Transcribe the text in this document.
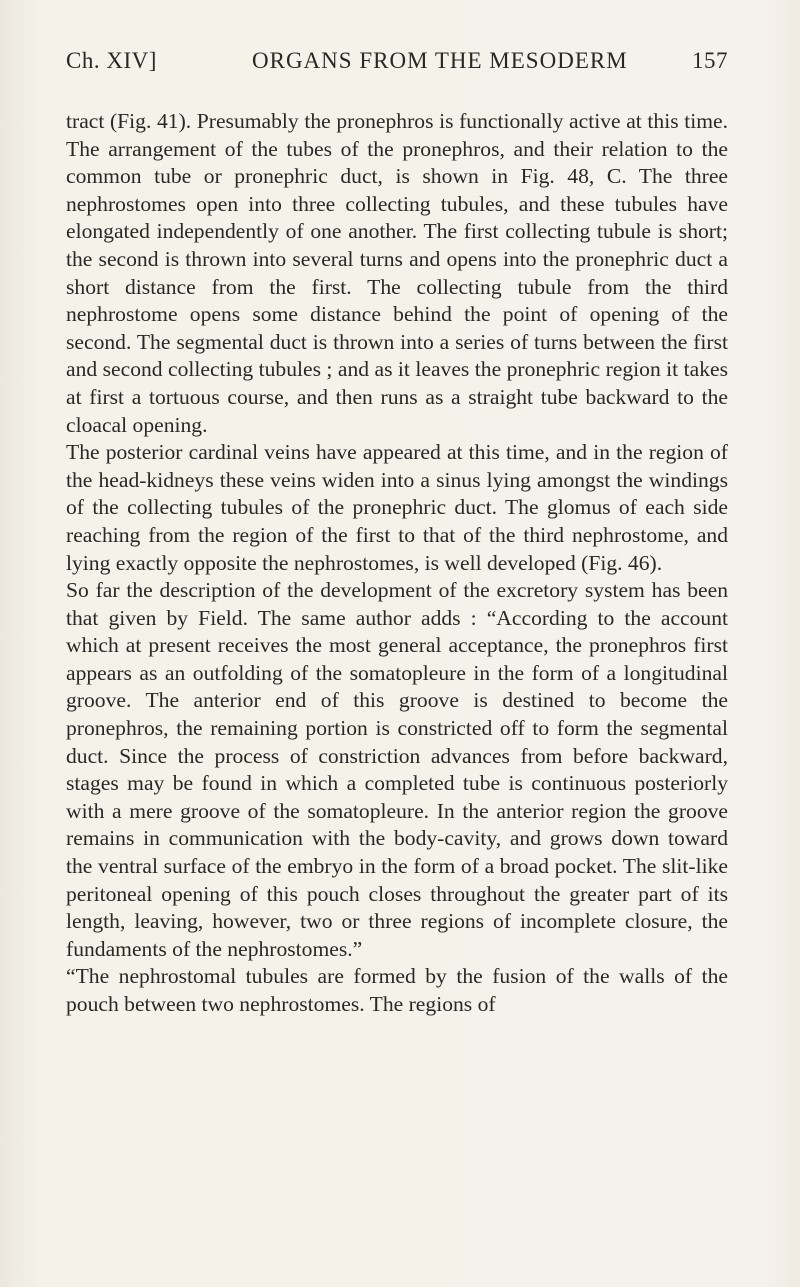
Ch. XIV]	ORGANS FROM THE MESODERM	157

tract (Fig. 41). Presumably the pronephros is functionally active at this time. The arrangement of the tubes of the pronephros, and their relation to the common tube or pronephric duct, is shown in Fig. 48, C. The three nephrostomes open into three collecting tubules, and these tubules have elongated independently of one another. The first collecting tubule is short; the second is thrown into several turns and opens into the pronephric duct a short distance from the first. The collecting tubule from the third nephrostome opens some distance behind the point of opening of the second. The segmental duct is thrown into a series of turns between the first and second collecting tubules ; and as it leaves the pronephric region it takes at first a tortuous course, and then runs as a straight tube backward to the cloacal opening.

The posterior cardinal veins have appeared at this time, and in the region of the head-kidneys these veins widen into a sinus lying amongst the windings of the collecting tubules of the pronephric duct. The glomus of each side reaching from the region of the first to that of the third nephrostome, and lying exactly opposite the nephrostomes, is well developed (Fig. 46).

So far the description of the development of the excretory system has been that given by Field. The same author adds : “According to the account which at present receives the most general acceptance, the pronephros first appears as an outfolding of the somatopleure in the form of a longitudinal groove. The anterior end of this groove is destined to become the pronephros, the remaining portion is constricted off to form the segmental duct. Since the process of constriction advances from before backward, stages may be found in which a completed tube is continuous posteriorly with a mere groove of the somatopleure. In the anterior region the groove remains in communication with the body-cavity, and grows down toward the ventral surface of the embryo in the form of a broad pocket. The slit-like peritoneal opening of this pouch closes throughout the greater part of its length, leaving, however, two or three regions of incomplete closure, the fundaments of the nephrostomes.”

“The nephrostomal tubules are formed by the fusion of the walls of the pouch between two nephrostomes. The regions of
